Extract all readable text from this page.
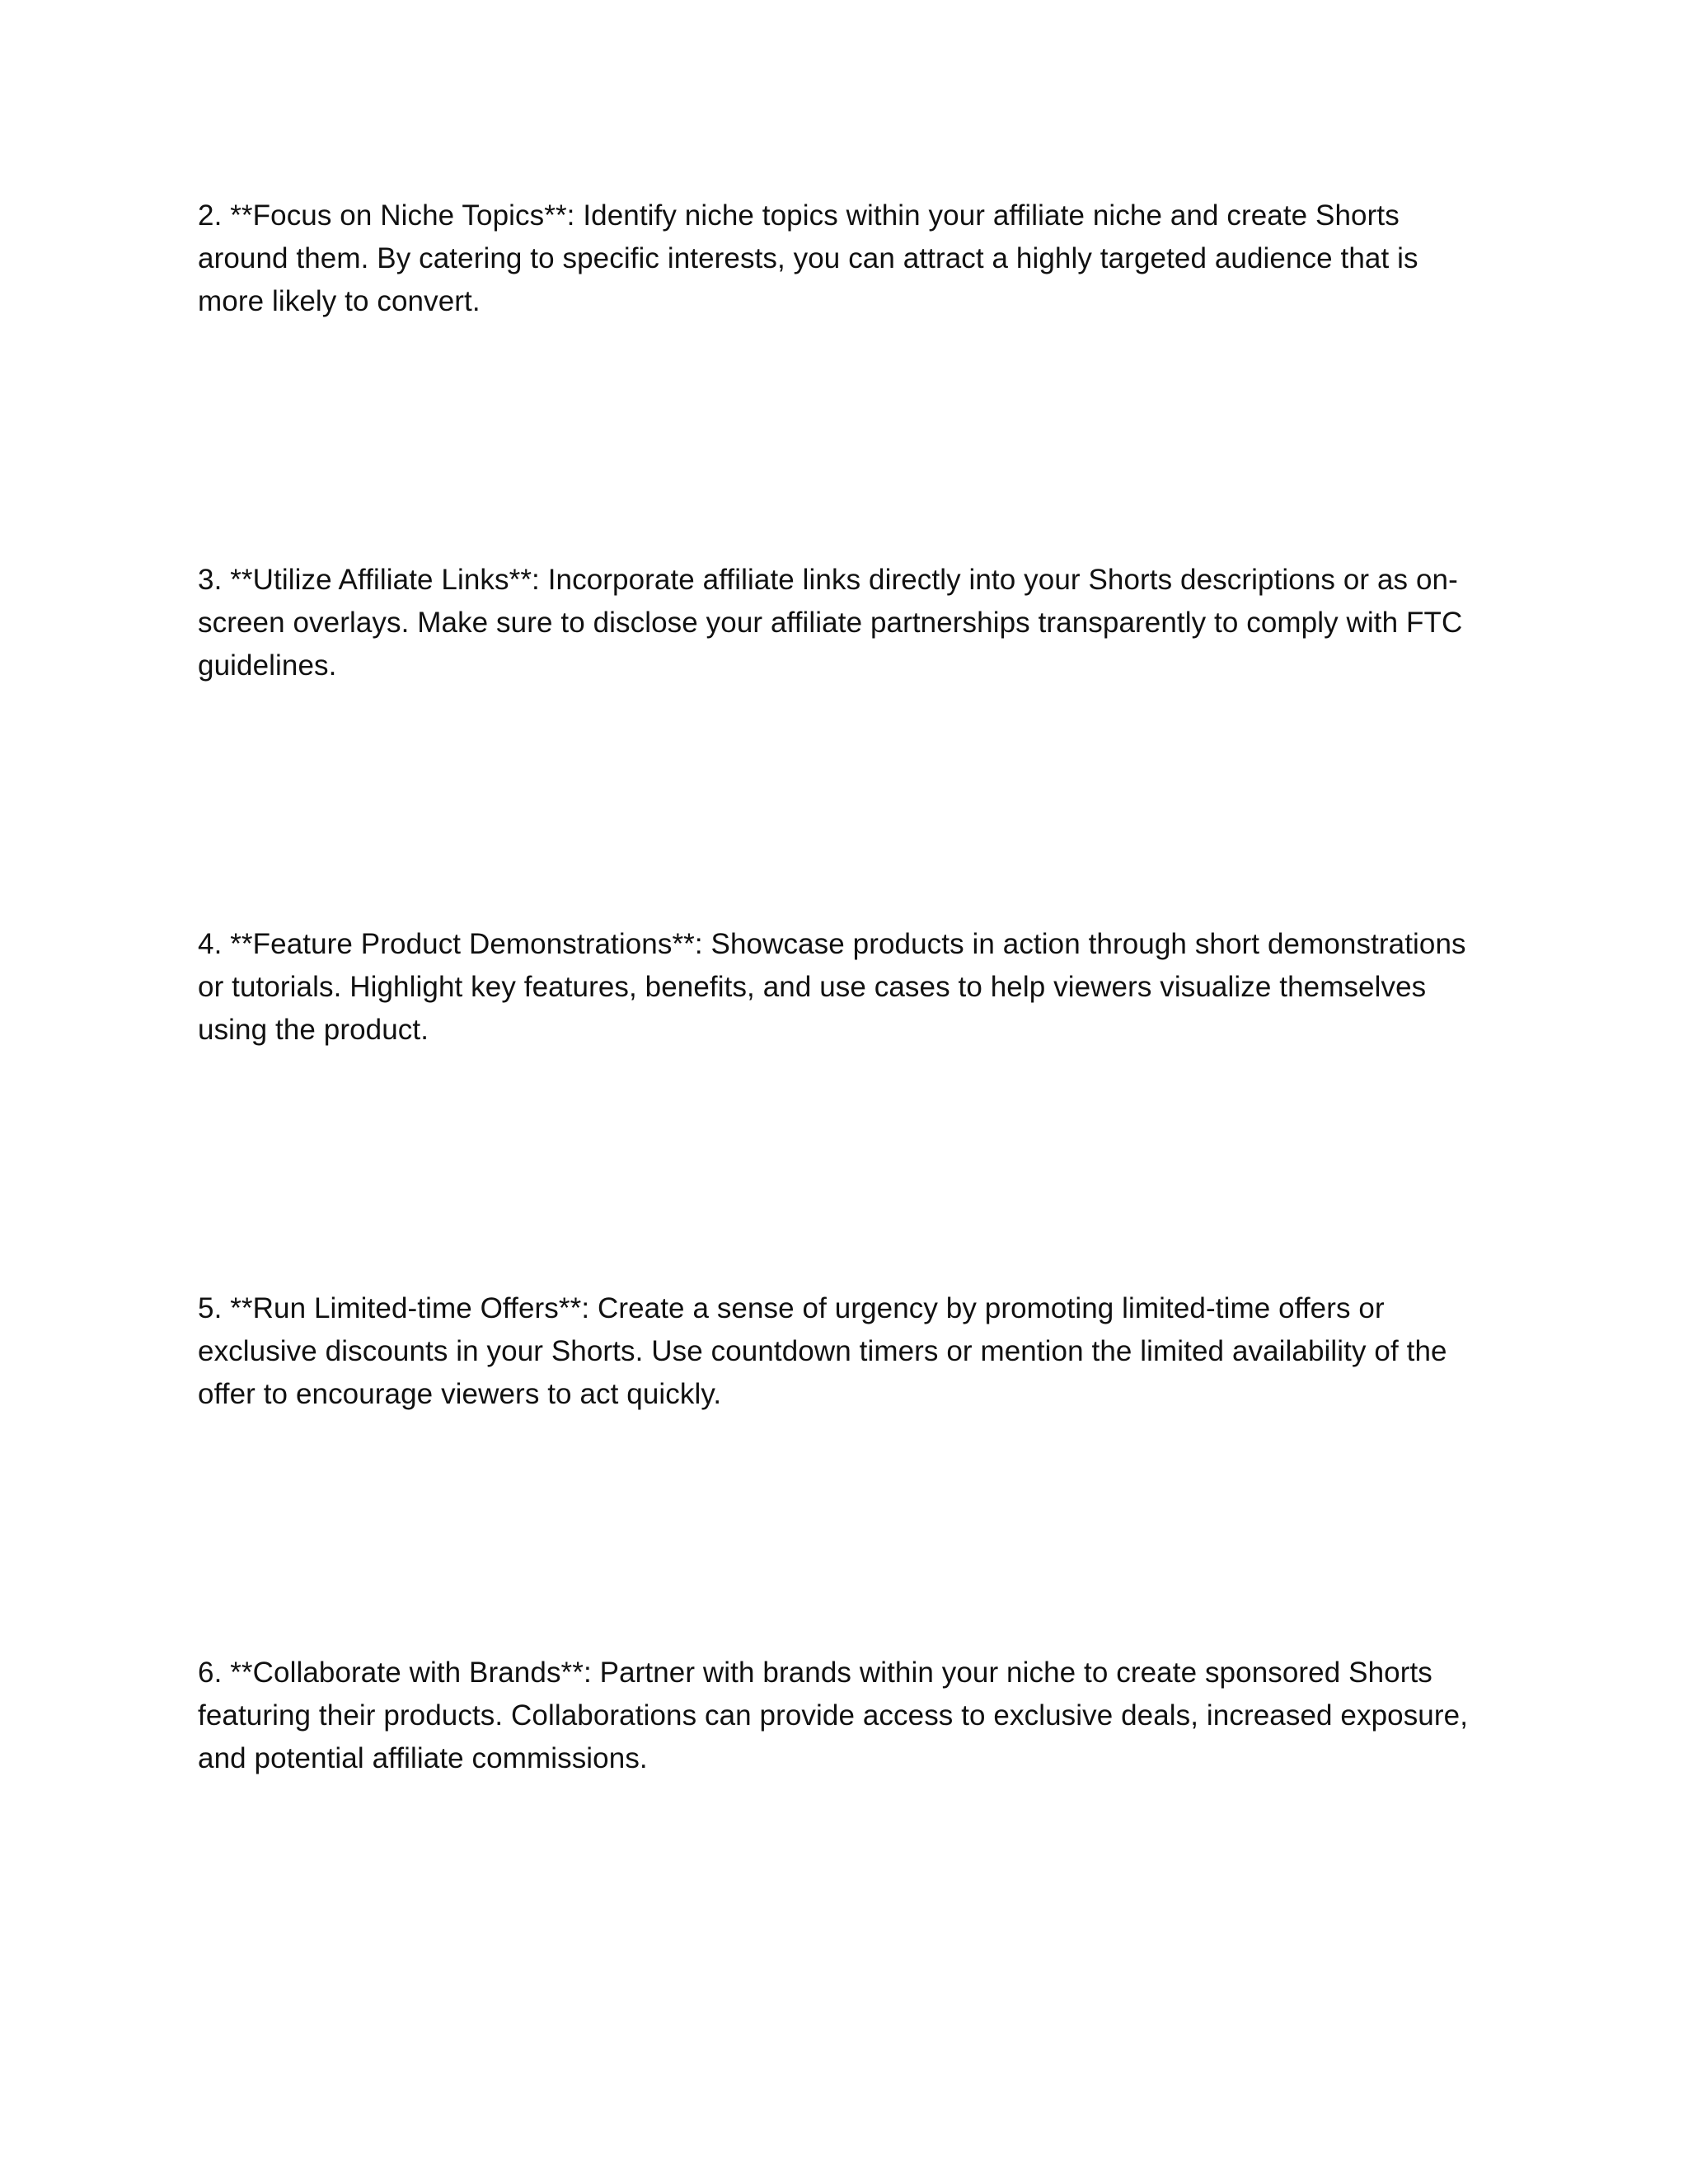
2. **Focus on Niche Topics**: Identify niche topics within your affiliate niche and create Shorts around them. By catering to specific interests, you can attract a highly targeted audience that is more likely to convert.

3. **Utilize Affiliate Links**: Incorporate affiliate links directly into your Shorts descriptions or as on-screen overlays. Make sure to disclose your affiliate partnerships transparently to comply with FTC guidelines.

4. **Feature Product Demonstrations**: Showcase products in action through short demonstrations or tutorials. Highlight key features, benefits, and use cases to help viewers visualize themselves using the product.

5. **Run Limited-time Offers**: Create a sense of urgency by promoting limited-time offers or exclusive discounts in your Shorts. Use countdown timers or mention the limited availability of the offer to encourage viewers to act quickly.

6. **Collaborate with Brands**: Partner with brands within your niche to create sponsored Shorts featuring their products. Collaborations can provide access to exclusive deals, increased exposure, and potential affiliate commissions.
